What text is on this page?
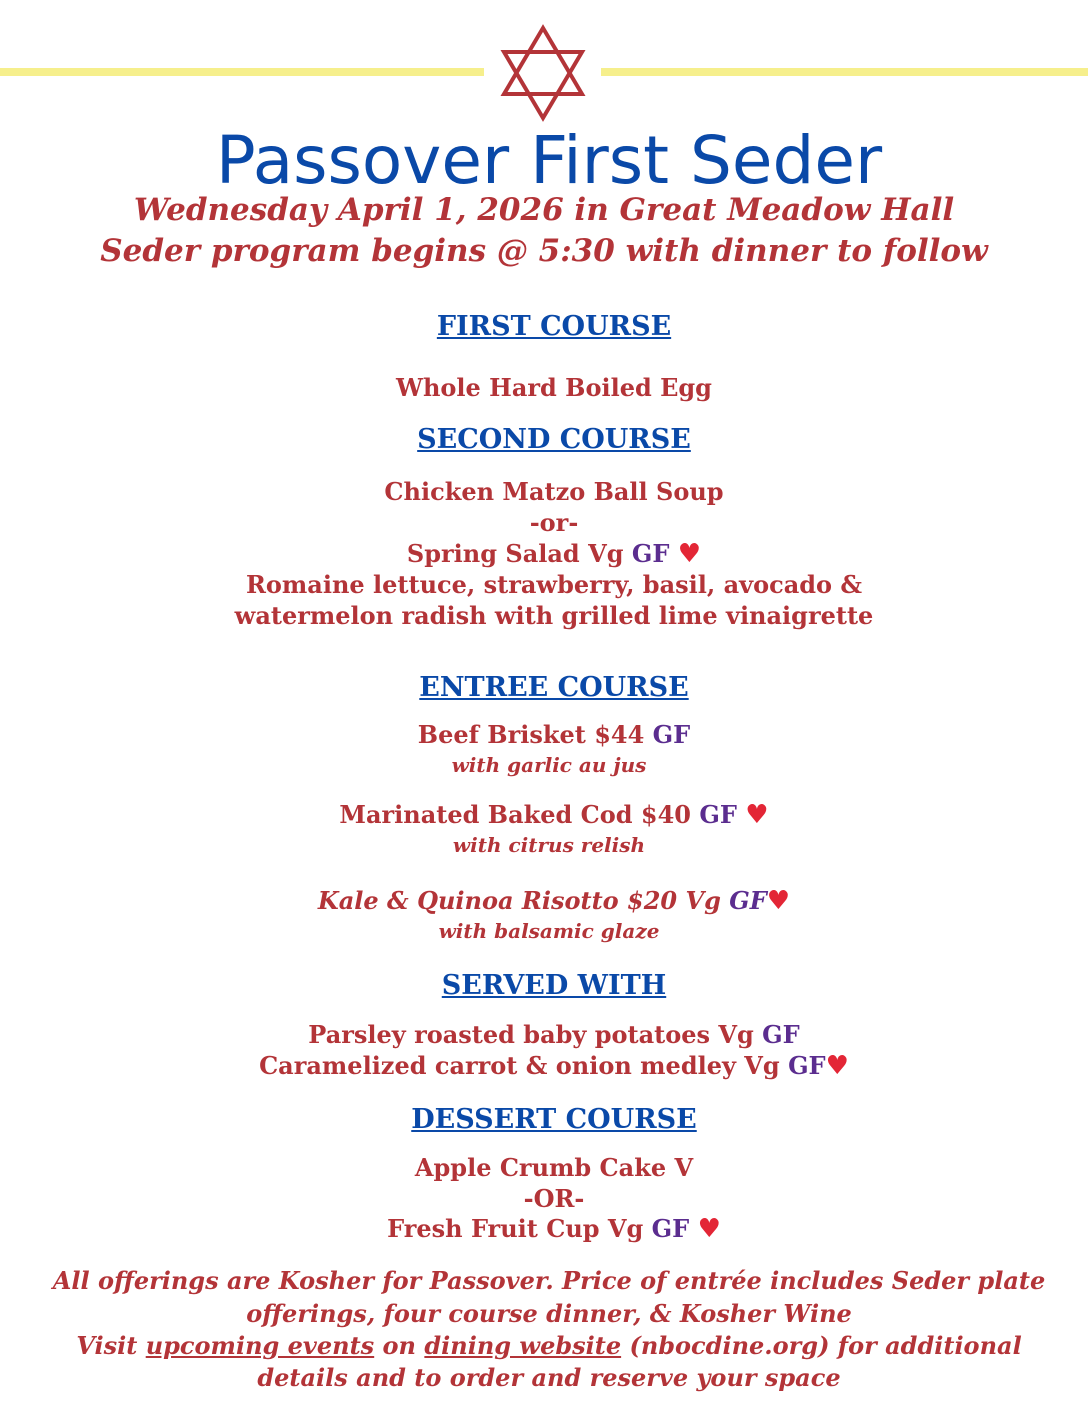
Passover First Seder
Wednesday April 1, 2026 in Great Meadow Hall
Seder program begins @ 5:30 with dinner to follow
FIRST COURSE
Whole Hard Boiled Egg
SECOND COURSE
Chicken Matzo Ball Soup
-or-
Spring Salad Vg GF ♥
Romaine lettuce, strawberry, basil, avocado &
watermelon radish with grilled lime vinaigrette
ENTREE COURSE
Beef Brisket $44 GF
with garlic au jus
Marinated Baked Cod $40 GF ♥
with citrus relish
Kale & Quinoa Risotto $20 Vg GF♥
with balsamic glaze
SERVED WITH
Parsley roasted baby potatoes Vg GF
Caramelized carrot & onion medley Vg GF♥
DESSERT COURSE
Apple Crumb Cake V
-OR-
Fresh Fruit Cup Vg GF ♥
All offerings are Kosher for Passover. Price of entrée includes Seder plate
offerings, four course dinner, & Kosher Wine
Visit upcoming events on dining website (nbocdine.org) for additional
details and to order and reserve your space
